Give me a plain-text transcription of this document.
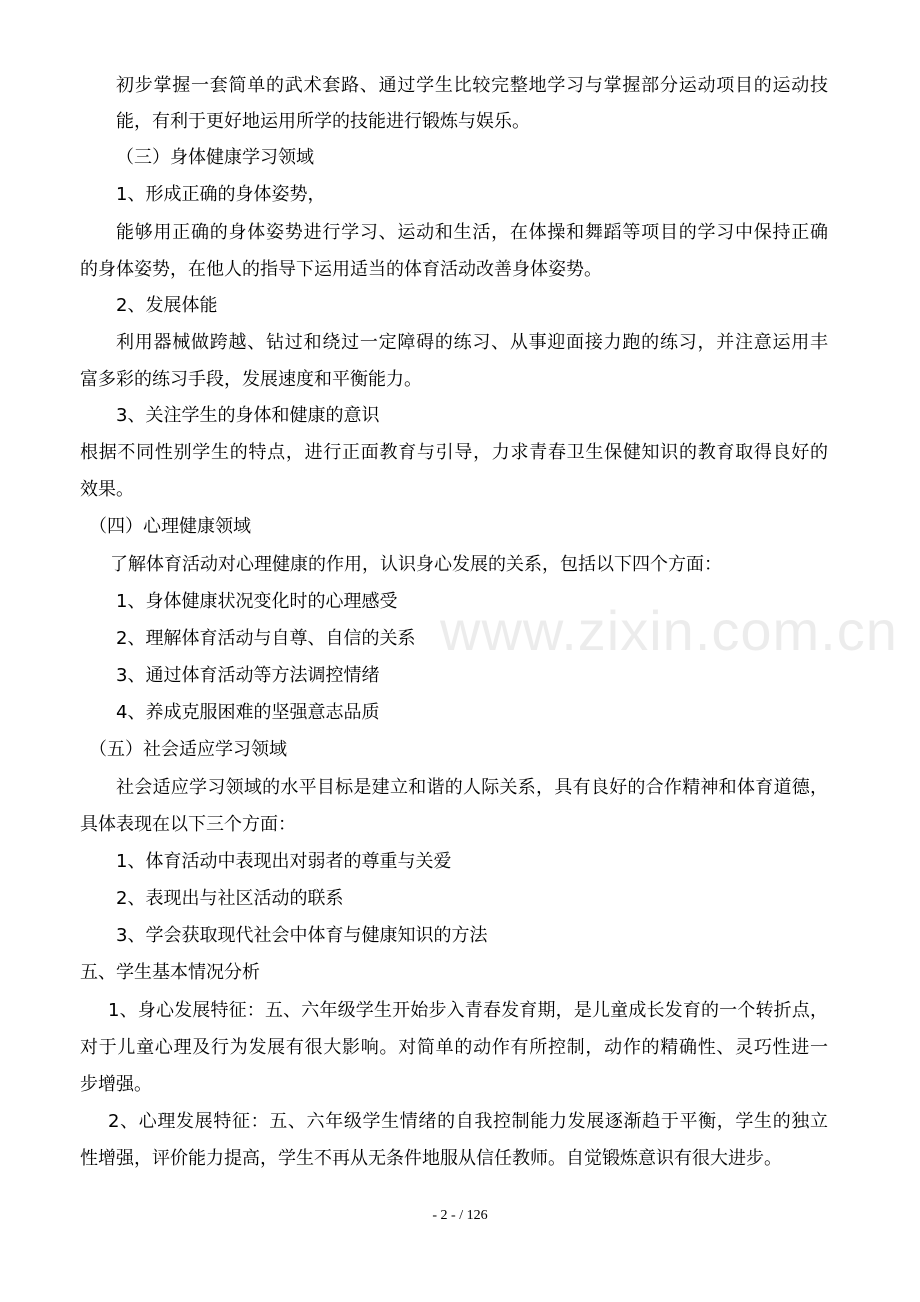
www.zixin.com.cn
初步掌握一套简单的武术套路、通过学生比较完整地学习与掌握部分运动项目的运动技
能，有利于更好地运用所学的技能进行锻炼与娱乐。
（三）身体健康学习领域
1、形成正确的身体姿势，
能够用正确的身体姿势进行学习、运动和生活，在体操和舞蹈等项目的学习中保持正确
的身体姿势，在他人的指导下运用适当的体育活动改善身体姿势。
2、发展体能
利用器械做跨越、钻过和绕过一定障碍的练习、从事迎面接力跑的练习，并注意运用丰
富多彩的练习手段，发展速度和平衡能力。
3、关注学生的身体和健康的意识
根据不同性别学生的特点，进行正面教育与引导，力求青春卫生保健知识的教育取得良好的
效果。
（四）心理健康领域
了解体育活动对心理健康的作用，认识身心发展的关系，包括以下四个方面：
1、身体健康状况变化时的心理感受
2、理解体育活动与自尊、自信的关系
3、通过体育活动等方法调控情绪
4、养成克服困难的坚强意志品质
（五）社会适应学习领域
社会适应学习领域的水平目标是建立和谐的人际关系，具有良好的合作精神和体育道德，
具体表现在以下三个方面：
1、体育活动中表现出对弱者的尊重与关爱
2、表现出与社区活动的联系
3、学会获取现代社会中体育与健康知识的方法
五、学生基本情况分析
1、身心发展特征：五、六年级学生开始步入青春发育期，是儿童成长发育的一个转折点，
对于儿童心理及行为发展有很大影响。对简单的动作有所控制，动作的精确性、灵巧性进一
步增强。
2、心理发展特征：五、六年级学生情绪的自我控制能力发展逐渐趋于平衡，学生的独立
性增强，评价能力提高，学生不再从无条件地服从信任教师。自觉锻炼意识有很大进步。
- 2 - / 126
